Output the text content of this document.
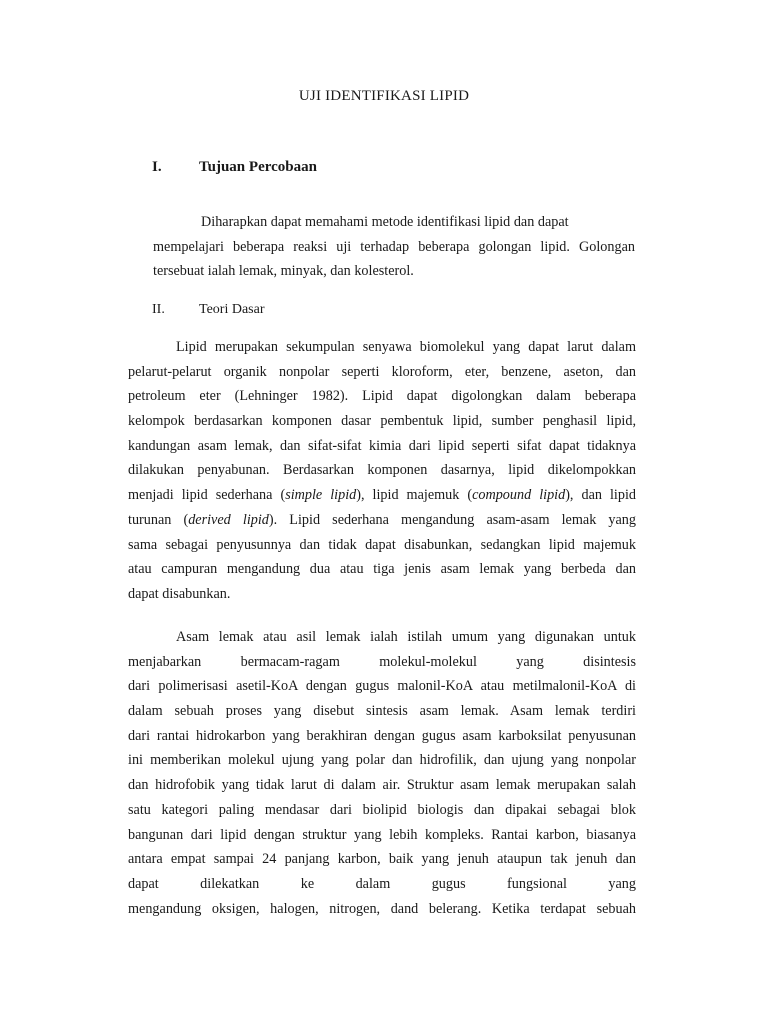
UJI IDENTIFIKASI LIPID
I. Tujuan Percobaan
Diharapkan dapat memahami metode identifikasi lipid dan dapat
mempelajari beberapa reaksi uji terhadap beberapa golongan lipid. Golongan
tersebuat ialah lemak, minyak, dan kolesterol.
II. Teori Dasar
Lipid merupakan sekumpulan senyawa biomolekul yang dapat larut dalam
pelarut-pelarut organik nonpolar seperti kloroform, eter, benzene, aseton, dan
petroleum eter (Lehninger 1982). Lipid dapat digolongkan dalam beberapa
kelompok berdasarkan komponen dasar pembentuk lipid, sumber penghasil lipid,
kandungan asam lemak, dan sifat-sifat kimia dari lipid seperti sifat dapat tidaknya
dilakukan penyabunan. Berdasarkan komponen dasarnya, lipid dikelompokkan
menjadi lipid sederhana (simple lipid), lipid majemuk (compound lipid), dan lipid
turunan (derived lipid). Lipid sederhana mengandung asam-asam lemak yang
sama sebagai penyusunnya dan tidak dapat disabunkan, sedangkan lipid majemuk
atau campuran mengandung dua atau tiga jenis asam lemak yang berbeda dan
dapat disabunkan.
Asam lemak atau asil lemak ialah istilah umum yang digunakan untuk
menjabarkan bermacam-ragam molekul-molekul yang disintesis
dari polimerisasi asetil-KoA dengan gugus malonil-KoA atau metilmalonil-KoA di
dalam sebuah proses yang disebut sintesis asam lemak. Asam lemak terdiri
dari rantai hidrokarbon yang berakhiran dengan gugus asam karboksilat penyusunan
ini memberikan molekul ujung yang polar dan hidrofilik, dan ujung yang nonpolar
dan hidrofobik yang tidak larut di dalam air. Struktur asam lemak merupakan salah
satu kategori paling mendasar dari biolipid biologis dan dipakai sebagai blok
bangunan dari lipid dengan struktur yang lebih kompleks. Rantai karbon, biasanya
antara empat sampai 24 panjang karbon, baik yang jenuh ataupun tak jenuh dan
dapat dilekatkan ke dalam gugus fungsional yang
mengandung oksigen, halogen, nitrogen, dand belerang. Ketika terdapat sebuah
